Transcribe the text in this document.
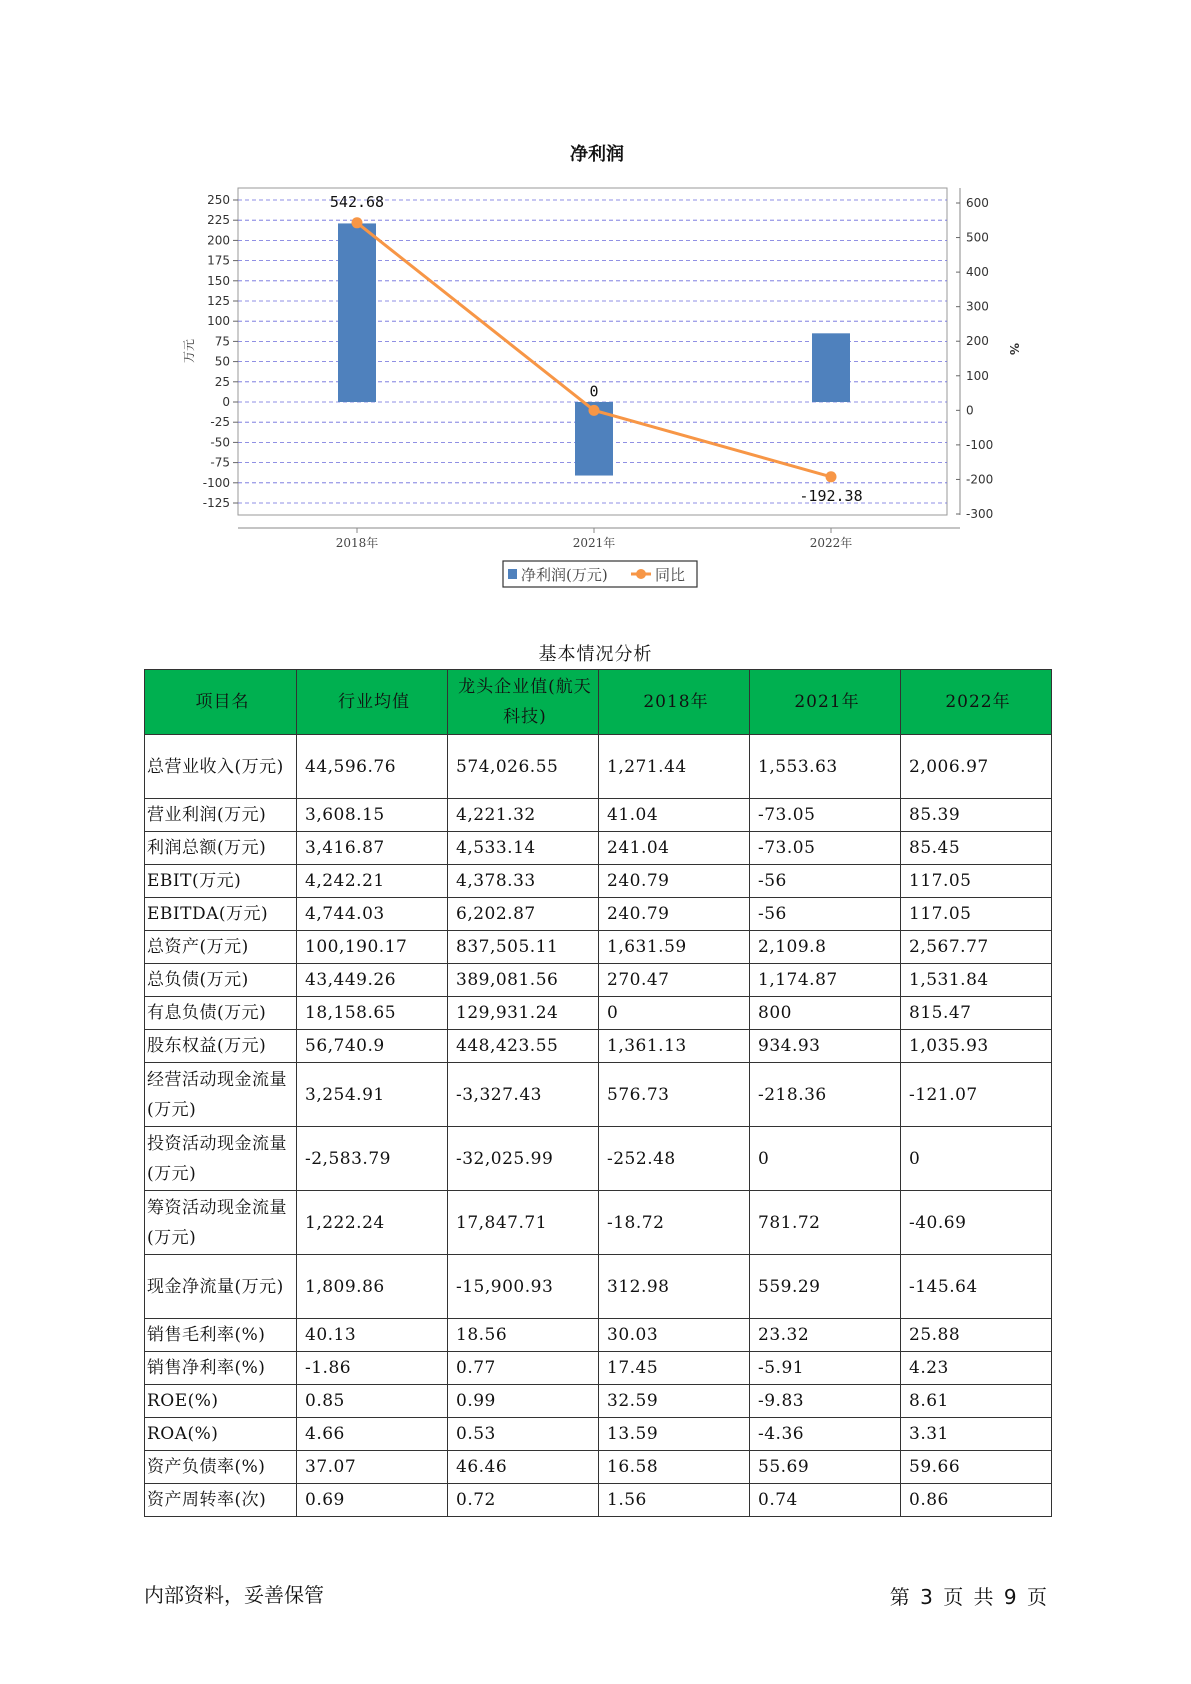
净利润
250
225
200
175
150
125
100
75
50
25
0
-25
-50
-75
-100
-125
600
500
400
300
200
100
0
-100
-200
-300
万元	%
2018年	2021年	2022年
542.68
0
-192.38
净利润(万元)	同比
基本情况分析
项目名	行业均值	龙头企业值(航天科技)	2018年	2021年	2022年
总营业收入(万元)	44,596.76	574,026.55	1,271.44	1,553.63	2,006.97
营业利润(万元)	3,608.15	4,221.32	41.04	-73.05	85.39
利润总额(万元)	3,416.87	4,533.14	241.04	-73.05	85.45
EBIT(万元)	4,242.21	4,378.33	240.79	-56	117.05
EBITDA(万元)	4,744.03	6,202.87	240.79	-56	117.05
总资产(万元)	100,190.17	837,505.11	1,631.59	2,109.8	2,567.77
总负债(万元)	43,449.26	389,081.56	270.47	1,174.87	1,531.84
有息负债(万元)	18,158.65	129,931.24	0	800	815.47
股东权益(万元)	56,740.9	448,423.55	1,361.13	934.93	1,035.93
经营活动现金流量(万元)	3,254.91	-3,327.43	576.73	-218.36	-121.07
投资活动现金流量(万元)	-2,583.79	-32,025.99	-252.48	0	0
筹资活动现金流量(万元)	1,222.24	17,847.71	-18.72	781.72	-40.69
现金净流量(万元)	1,809.86	-15,900.93	312.98	559.29	-145.64
销售毛利率(%)	40.13	18.56	30.03	23.32	25.88
销售净利率(%)	-1.86	0.77	17.45	-5.91	4.23
ROE(%)	0.85	0.99	32.59	-9.83	8.61
ROA(%)	4.66	0.53	13.59	-4.36	3.31
资产负债率(%)	37.07	46.46	16.58	55.69	59.66
资产周转率(次)	0.69	0.72	1.56	0.74	0.86
内部资料，妥善保管	第 3 页 共 9 页
